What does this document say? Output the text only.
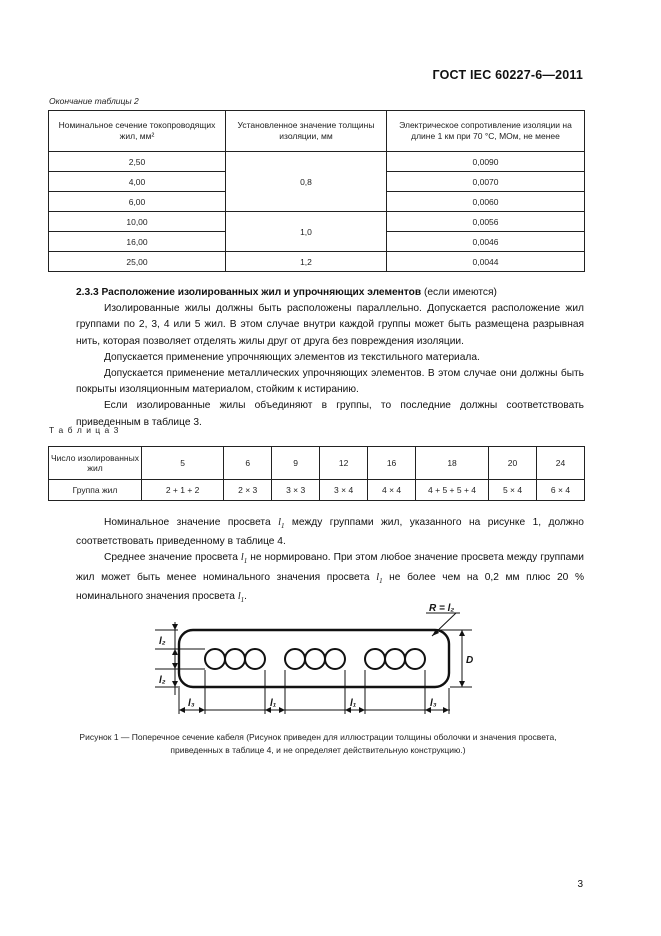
ГОСТ IEC 60227-6—2011
Окончание таблицы 2
Номинальное сечение токопроводящих жил, мм²	Установленное значение толщины изоляции, мм	Электрическое сопротивление изоляции на длине 1 км при 70 °С, МОм, не менее
2,50	0,8	0,0090
4,00		0,0070
6,00		0,0060
10,00	1,0	0,0056
16,00		0,0046
25,00	1,2	0,0044

2.3.3 Расположение изолированных жил и упрочняющих элементов (если имеются)

Изолированные жилы должны быть расположены параллельно. Допускается расположение жил группами по 2, 3, 4 или 5 жил. В этом случае внутри каждой группы может быть размещена разрывная нить, которая позволяет отделять жилы друг от друга без повреждения изоляции.

Допускается применение упрочняющих элементов из текстильного материала.

Допускается применение металлических упрочняющих элементов. В этом случае они должны быть покрыты изоляционным материалом, стойким к истиранию.

Если изолированные жилы объединяют в группы, то последние должны соответствовать приведенным в таблице 3.

Т а б л и ц а 3
Число изолированных жил	5	6	9	12	16	18	20	24
Группа жил	2 + 1 + 2	2 × 3	3 × 3	3 × 4	4 × 4	4 + 5 + 5 + 4	5 × 4	6 × 4

Номинальное значение просвета $l_1$ между группами жил, указанного на рисунке 1, должно соответствовать приведенному в таблице 4.

Среднее значение просвета $l_1$ не нормировано. При этом любое значение просвета между группами жил может быть менее номинального значения просвета $l_1$ не более чем на 0,2 мм плюс 20 % номинального значения просвета $l_1$.

R = l₂
D
l₂
l₂
l₃	l₁	l₁	l₃
Рисунок 1 — Поперечное сечение кабеля (Рисунок приведен для иллюстрации толщины оболочки и значения просвета, приведенных в таблице 4, и не определяет действительную конструкцию.)
3
